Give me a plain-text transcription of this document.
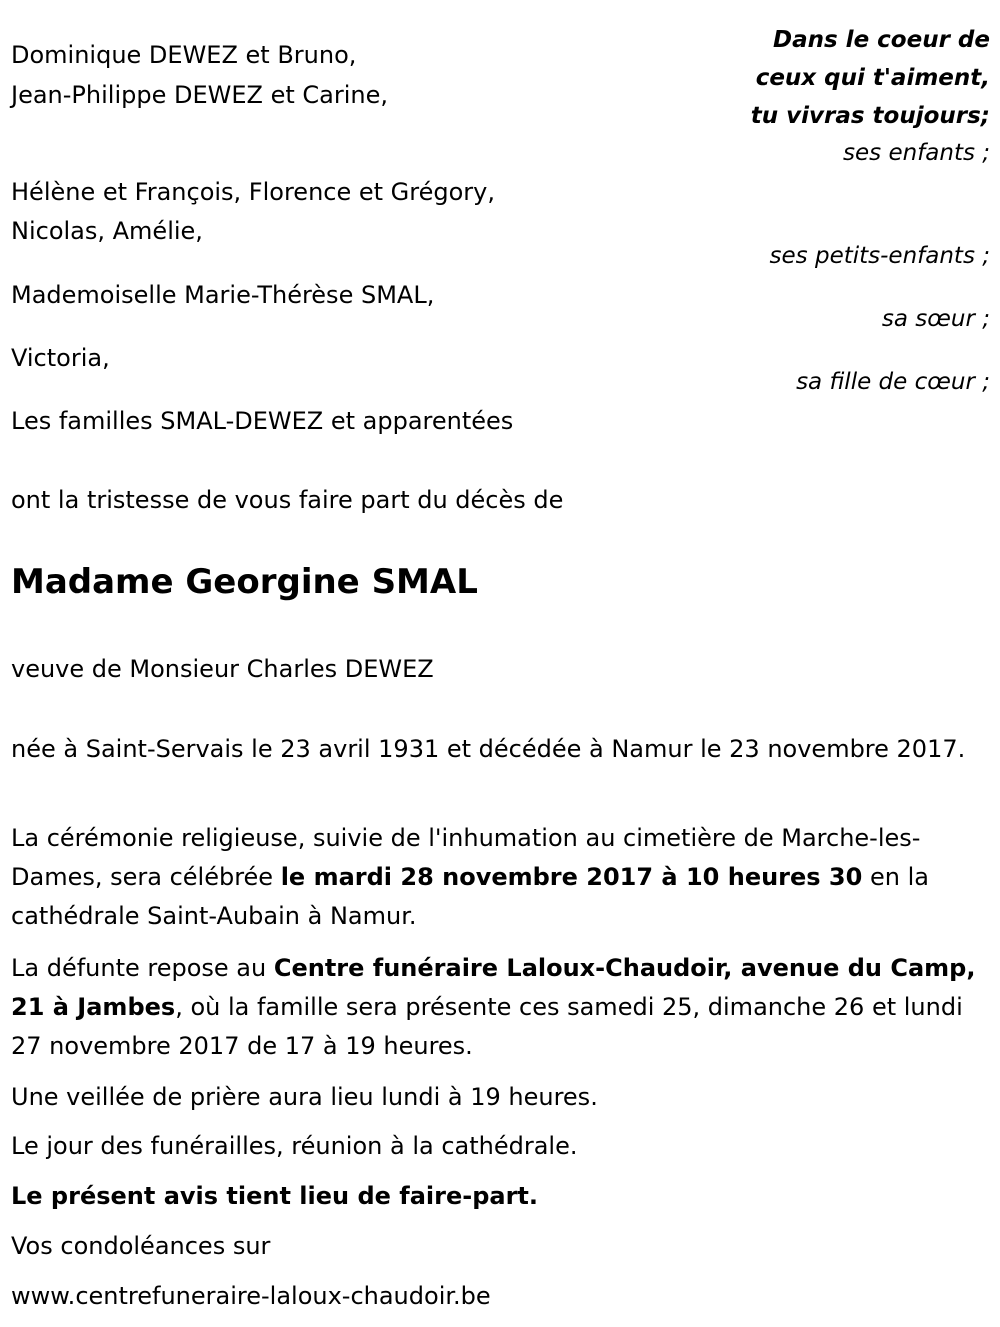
Dominique DEWEZ et Bruno,
Jean-Philippe DEWEZ et Carine,
Hélène et François, Florence et Grégory,
Nicolas, Amélie,
Mademoiselle Marie-Thérèse SMAL,
Victoria,
Les familles SMAL-DEWEZ et apparentées
Dans le coeur de
ceux qui t'aiment,
tu vivras toujours;
ses enfants ;
ses petits-enfants ;
sa sœur ;
sa fille de cœur ;
ont la tristesse de vous faire part du décès de
Madame Georgine SMAL
veuve de Monsieur Charles DEWEZ
née à Saint-Servais le 23 avril 1931 et décédée à Namur le 23 novembre 2017.
La cérémonie religieuse, suivie de l'inhumation au cimetière de Marche-les-Dames, sera célébrée le mardi 28 novembre 2017 à 10 heures 30 en la cathédrale Saint-Aubain à Namur.
La défunte repose au Centre funéraire Laloux-Chaudoir, avenue du Camp, 21 à Jambes, où la famille sera présente ces samedi 25, dimanche 26 et lundi 27 novembre 2017 de 17 à 19 heures.
Une veillée de prière aura lieu lundi à 19 heures.
Le jour des funérailles, réunion à la cathédrale.
Le présent avis tient lieu de faire-part.
Vos condoléances sur
www.centrefuneraire-laloux-chaudoir.be
